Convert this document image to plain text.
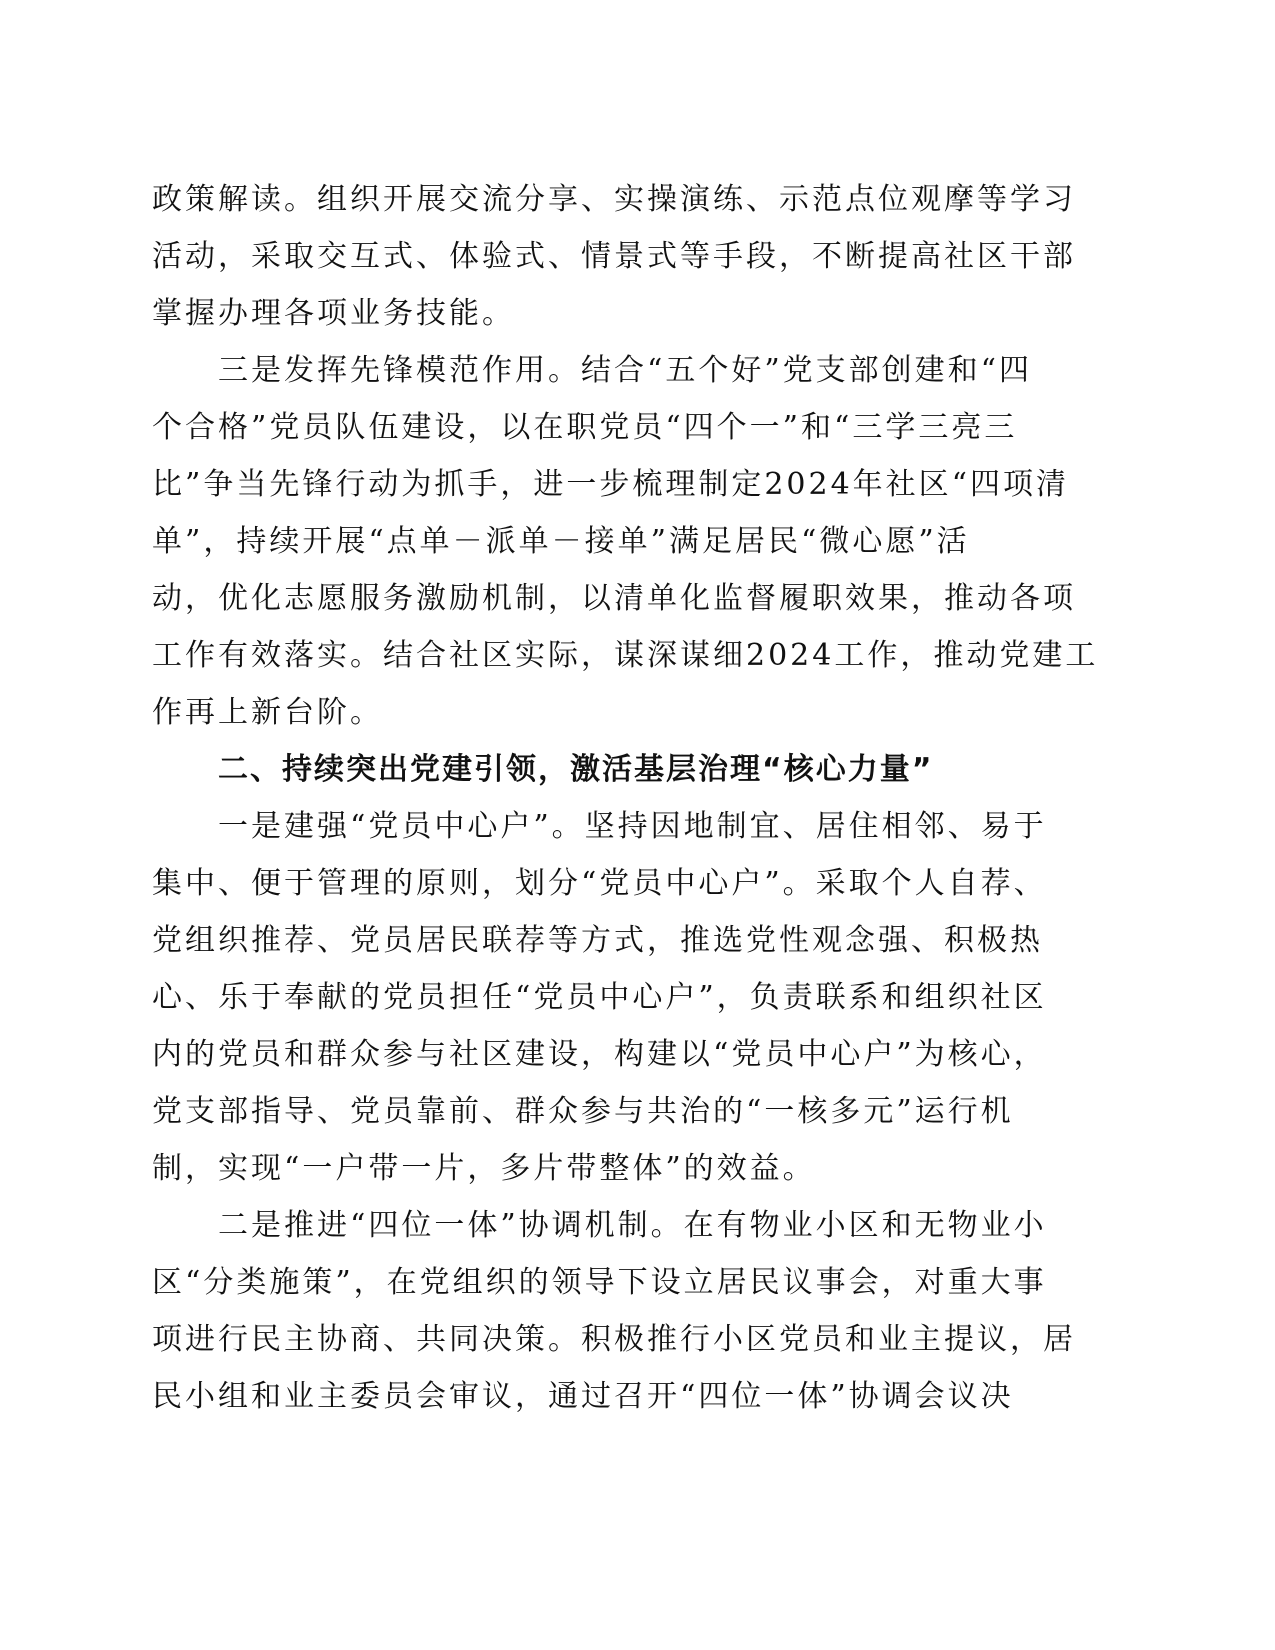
政策解读。组织开展交流分享、实操演练、示范点位观摩等学习
活动，采取交互式、体验式、情景式等手段，不断提高社区干部
掌握办理各项业务技能。
三是发挥先锋模范作用。结合“五个好”党支部创建和“四
个合格”党员队伍建设，以在职党员“四个一”和“三学三亮三
比”争当先锋行动为抓手，进一步梳理制定2024年社区“四项清
单”，持续开展“点单－派单－接单”满足居民“微心愿”活
动，优化志愿服务激励机制，以清单化监督履职效果，推动各项
工作有效落实。结合社区实际，谋深谋细2024工作，推动党建工
作再上新台阶。
二、持续突出党建引领，激活基层治理“核心力量”
一是建强“党员中心户”。坚持因地制宜、居住相邻、易于
集中、便于管理的原则，划分“党员中心户”。采取个人自荐、
党组织推荐、党员居民联荐等方式，推选党性观念强、积极热
心、乐于奉献的党员担任“党员中心户”，负责联系和组织社区
内的党员和群众参与社区建设，构建以“党员中心户”为核心，
党支部指导、党员靠前、群众参与共治的“一核多元”运行机
制，实现“一户带一片，多片带整体”的效益。
二是推进“四位一体”协调机制。在有物业小区和无物业小
区“分类施策”，在党组织的领导下设立居民议事会，对重大事
项进行民主协商、共同决策。积极推行小区党员和业主提议，居
民小组和业主委员会审议，通过召开“四位一体”协调会议决
